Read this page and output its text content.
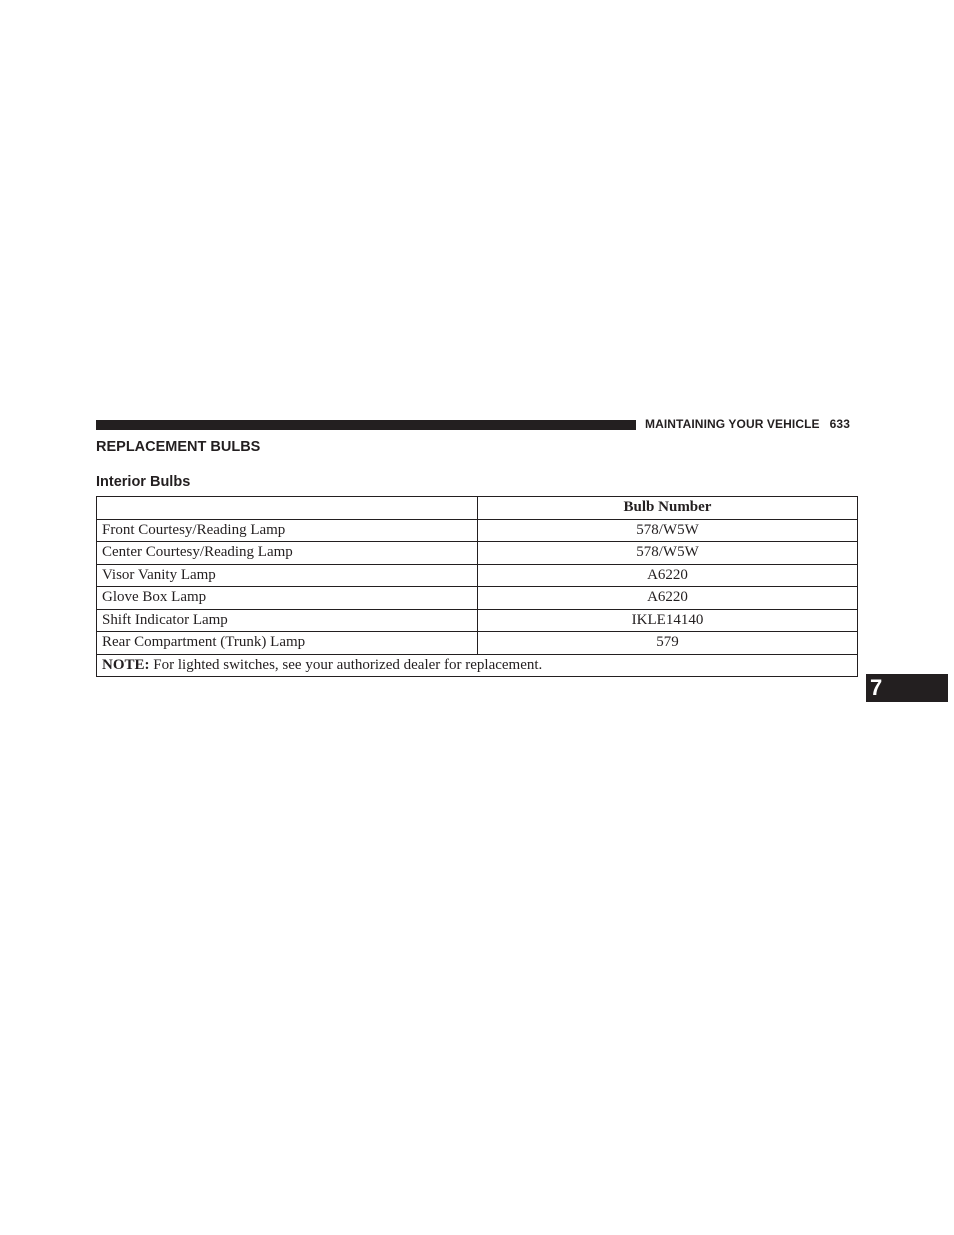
MAINTAINING YOUR VEHICLE 633
REPLACEMENT BULBS
Interior Bulbs
	Bulb Number
Front Courtesy/Reading Lamp	578/W5W
Center Courtesy/Reading Lamp	578/W5W
Visor Vanity Lamp	A6220
Glove Box Lamp	A6220
Shift Indicator Lamp	IKLE14140
Rear Compartment (Trunk) Lamp	579
NOTE: For lighted switches, see your authorized dealer for replacement.	
7
